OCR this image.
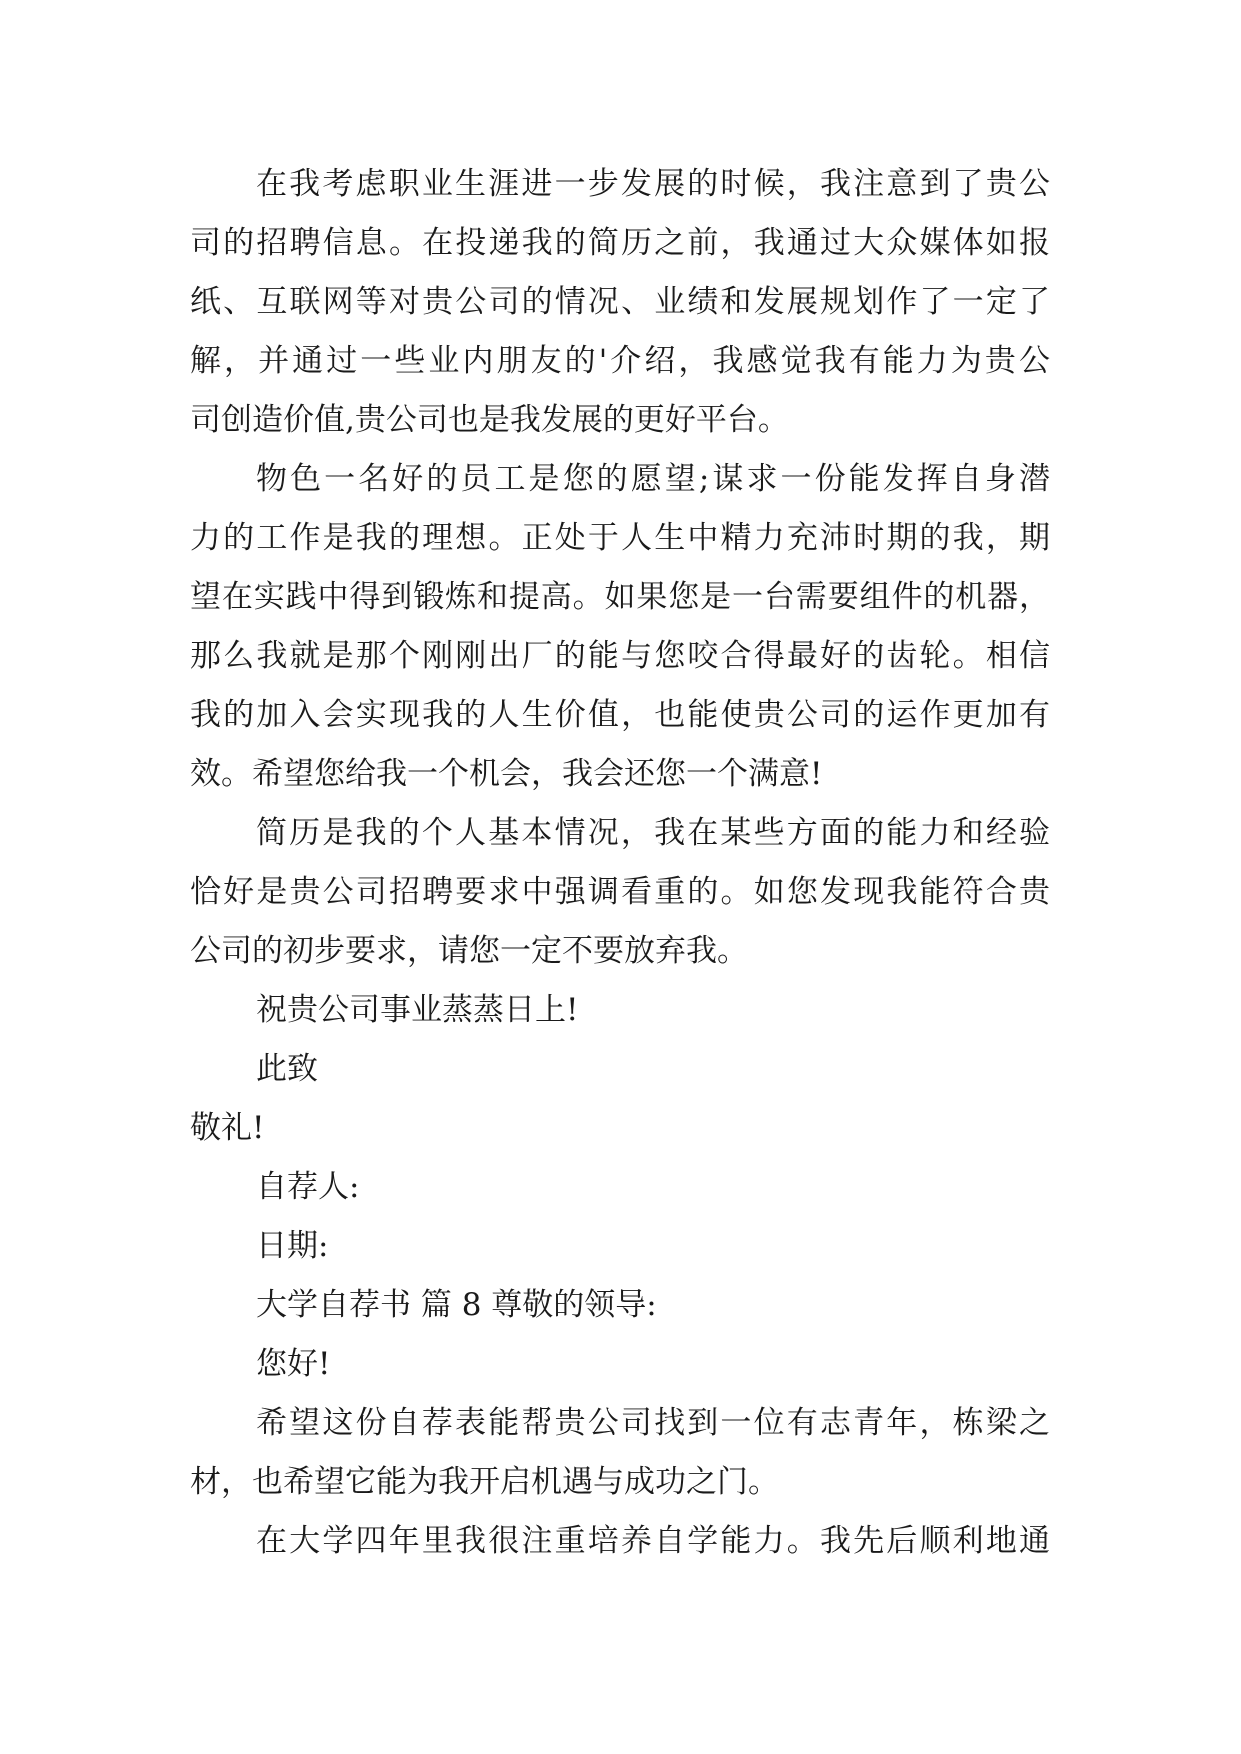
在我考虑职业生涯进一步发展的时候，我注意到了贵公
司的招聘信息。在投递我的简历之前，我通过大众媒体如报
纸、互联网等对贵公司的情况、业绩和发展规划作了一定了
解，并通过一些业内朋友的'介绍，我感觉我有能力为贵公
司创造价值,贵公司也是我发展的更好平台。
物色一名好的员工是您的愿望;谋求一份能发挥自身潜
力的工作是我的理想。正处于人生中精力充沛时期的我，期
望在实践中得到锻炼和提高。如果您是一台需要组件的机器，
那么我就是那个刚刚出厂的能与您咬合得最好的齿轮。相信
我的加入会实现我的人生价值，也能使贵公司的运作更加有
效。希望您给我一个机会，我会还您一个满意!
简历是我的个人基本情况，我在某些方面的能力和经验
恰好是贵公司招聘要求中强调看重的。如您发现我能符合贵
公司的初步要求，请您一定不要放弃我。
祝贵公司事业蒸蒸日上!
此致
敬礼!
自荐人:
日期:
大学自荐书 篇 8 尊敬的领导:
您好!
希望这份自荐表能帮贵公司找到一位有志青年，栋梁之
材，也希望它能为我开启机遇与成功之门。
在大学四年里我很注重培养自学能力。我先后顺利地通
